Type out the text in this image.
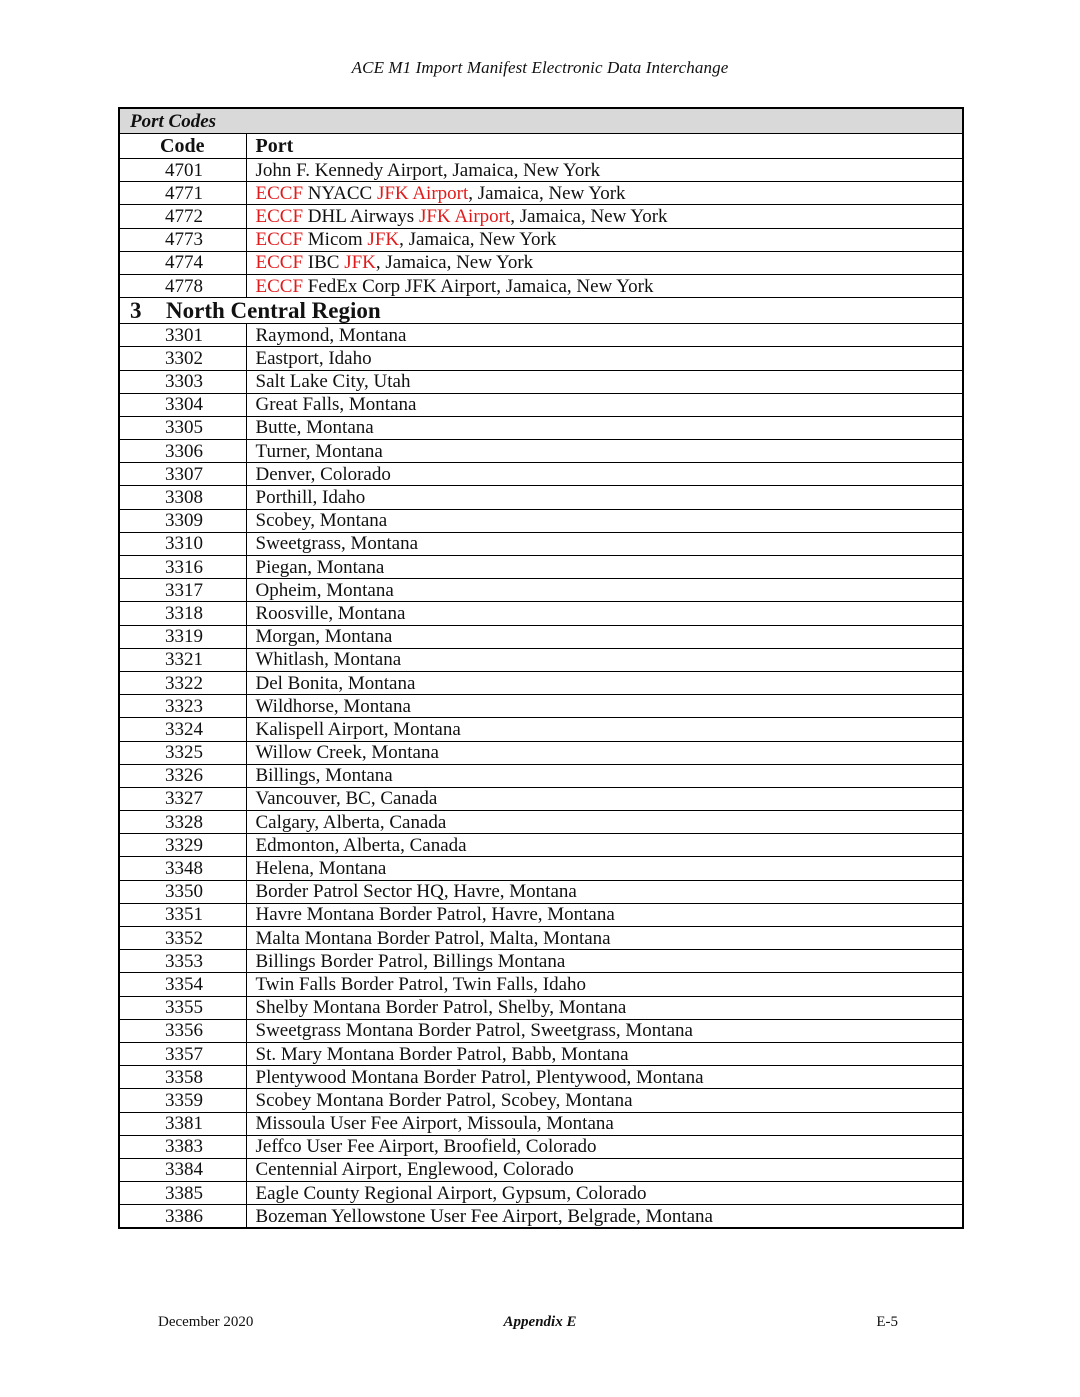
ACE M1 Import Manifest Electronic Data Interchange
Port Codes	
Code	Port
4701	John F. Kennedy Airport, Jamaica, New York
4771	ECCF NYACC JFK Airport, Jamaica, New York
4772	ECCF DHL Airways JFK Airport, Jamaica, New York
4773	ECCF Micom JFK, Jamaica, New York
4774	ECCF IBC JFK, Jamaica, New York
4778	ECCF FedEx Corp JFK Airport, Jamaica, New York
3 North Central Region	
3301	Raymond, Montana
3302	Eastport, Idaho
3303	Salt Lake City, Utah
3304	Great Falls, Montana
3305	Butte, Montana
3306	Turner, Montana
3307	Denver, Colorado
3308	Porthill, Idaho
3309	Scobey, Montana
3310	Sweetgrass, Montana
3316	Piegan, Montana
3317	Opheim, Montana
3318	Roosville, Montana
3319	Morgan, Montana
3321	Whitlash, Montana
3322	Del Bonita, Montana
3323	Wildhorse, Montana
3324	Kalispell Airport, Montana
3325	Willow Creek, Montana
3326	Billings, Montana
3327	Vancouver, BC, Canada
3328	Calgary, Alberta, Canada
3329	Edmonton, Alberta, Canada
3348	Helena, Montana
3350	Border Patrol Sector HQ, Havre, Montana
3351	Havre Montana Border Patrol, Havre, Montana
3352	Malta Montana Border Patrol, Malta, Montana
3353	Billings Border Patrol, Billings Montana
3354	Twin Falls Border Patrol, Twin Falls, Idaho
3355	Shelby Montana Border Patrol, Shelby, Montana
3356	Sweetgrass Montana Border Patrol, Sweetgrass, Montana
3357	St. Mary Montana Border Patrol, Babb, Montana
3358	Plentywood Montana Border Patrol, Plentywood, Montana
3359	Scobey Montana Border Patrol, Scobey, Montana
3381	Missoula User Fee Airport, Missoula, Montana
3383	Jeffco User Fee Airport, Broofield, Colorado
3384	Centennial Airport, Englewood, Colorado
3385	Eagle County Regional Airport, Gypsum, Colorado
3386	Bozeman Yellowstone User Fee Airport, Belgrade, Montana
December 2020	Appendix E	E-5
